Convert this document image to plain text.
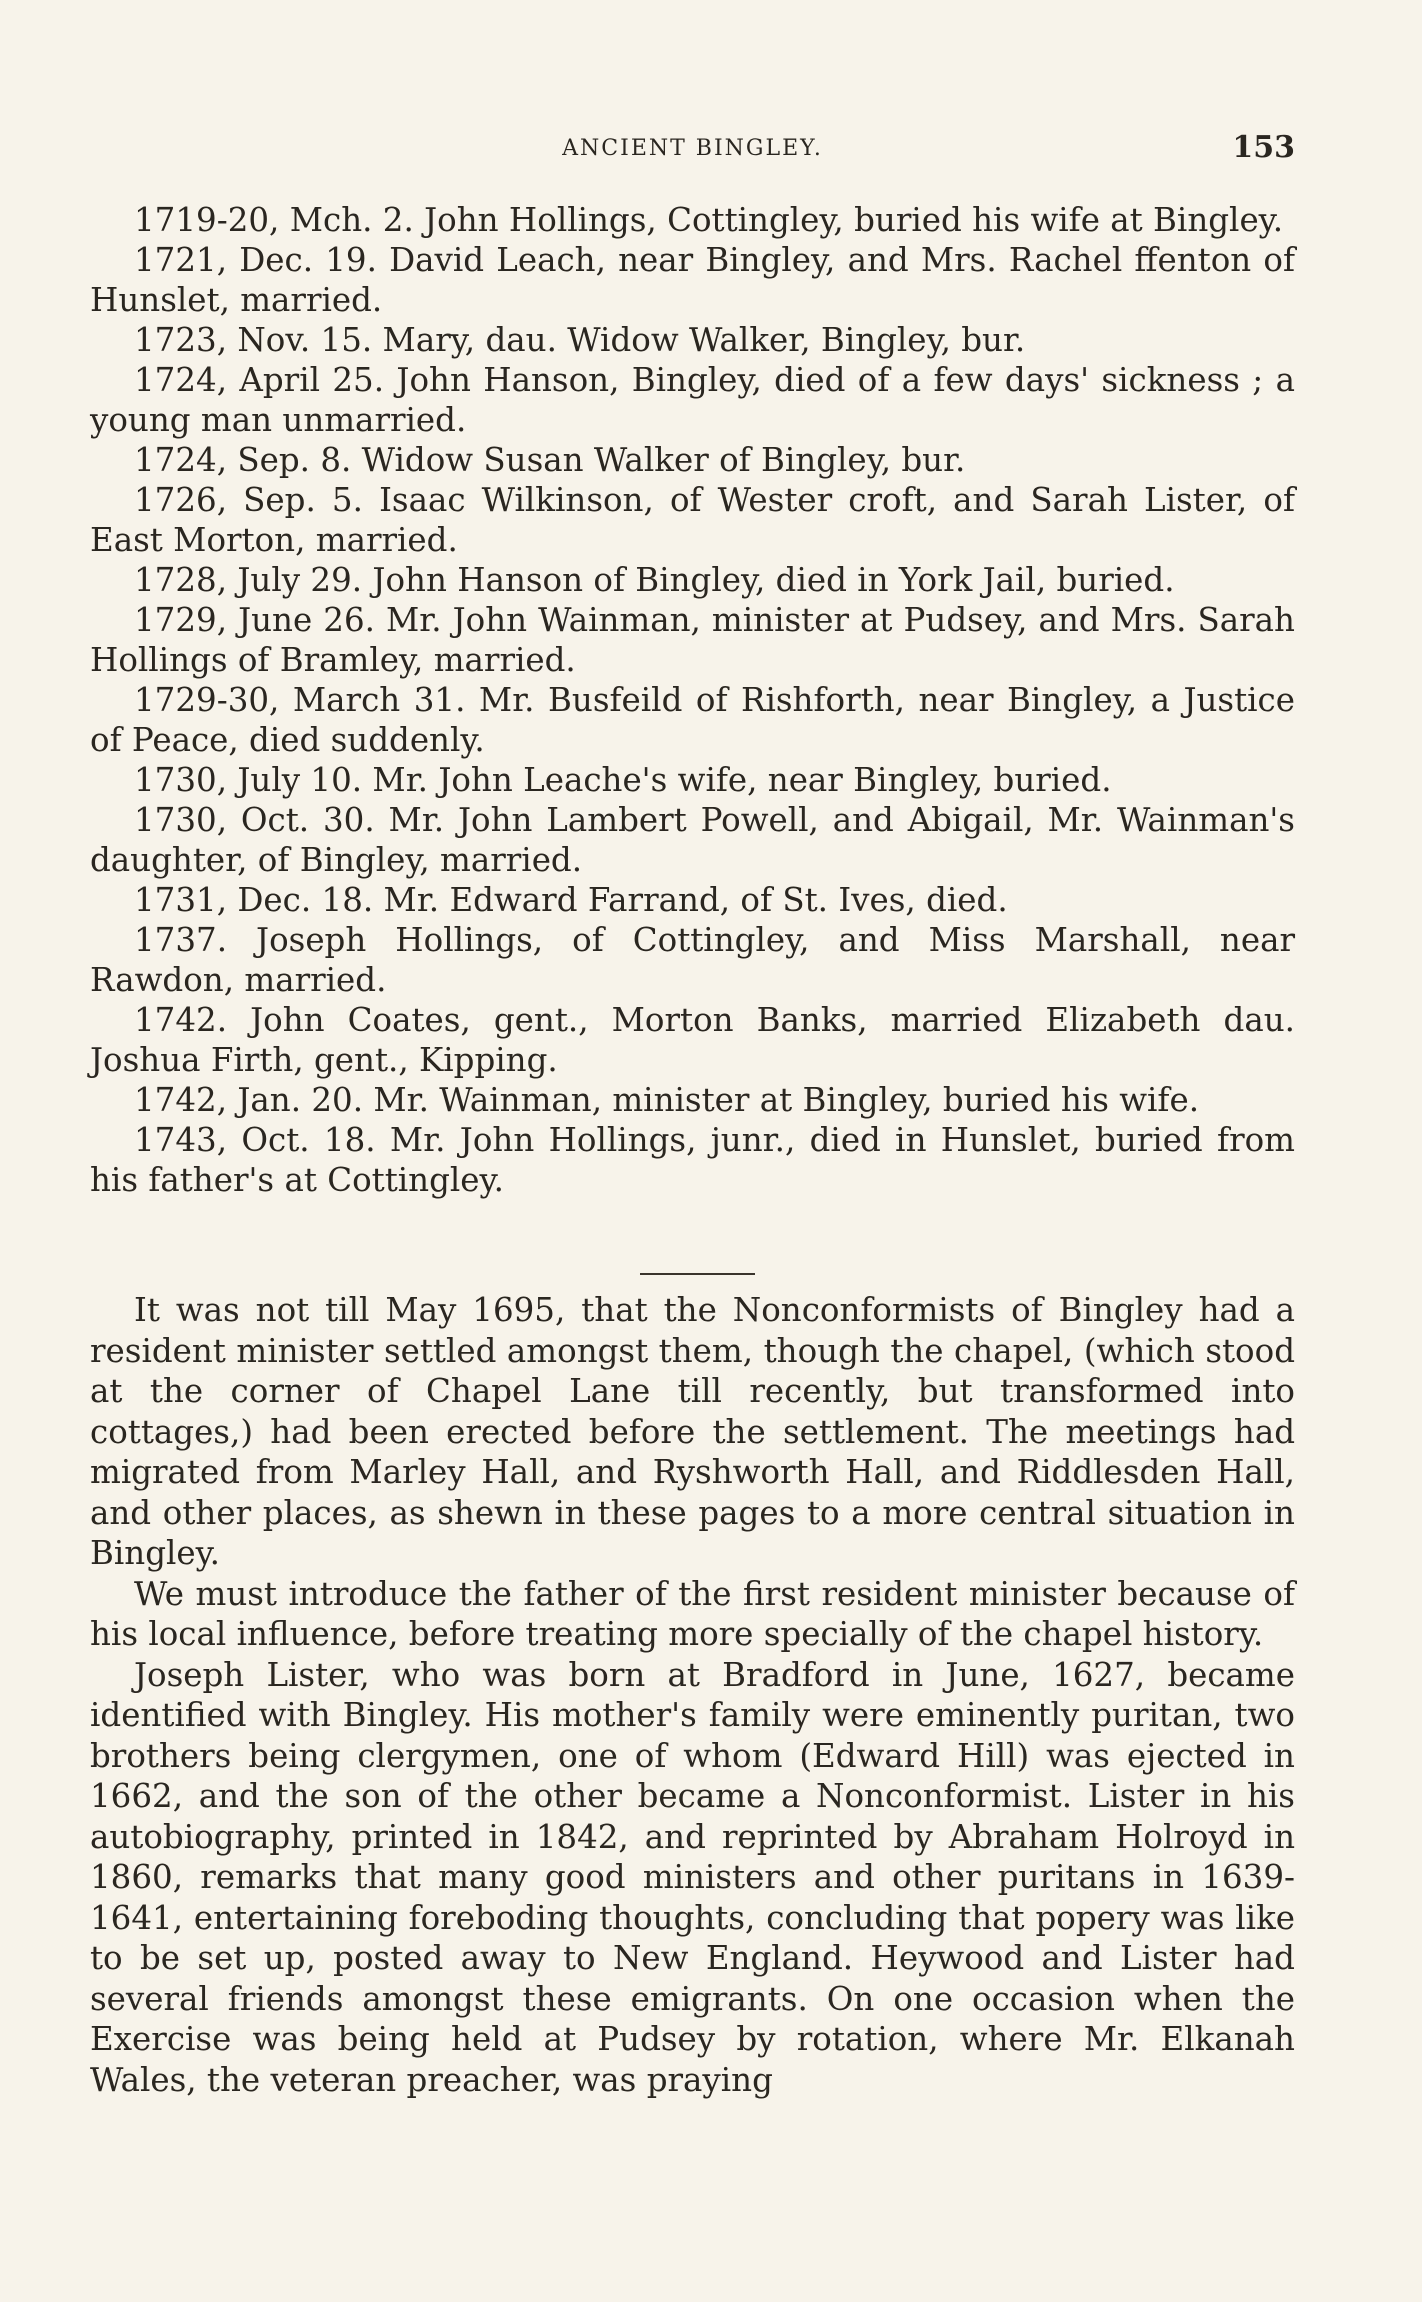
ANCIENT BINGLEY.	153

1719-20, Mch. 2. John Hollings, Cottingley, buried his wife at Bingley.

1721, Dec. 19. David Leach, near Bingley, and Mrs. Rachel ffenton of Hunslet, married.

1723, Nov. 15. Mary, dau. Widow Walker, Bingley, bur.

1724, April 25. John Hanson, Bingley, died of a few days' sickness ; a young man unmarried.

1724, Sep. 8. Widow Susan Walker of Bingley, bur.

1726, Sep. 5. Isaac Wilkinson, of Wester croft, and Sarah Lister, of East Morton, married.

1728, July 29. John Hanson of Bingley, died in York Jail, buried.

1729, June 26. Mr. John Wainman, minister at Pudsey, and Mrs. Sarah Hollings of Bramley, married.

1729-30, March 31. Mr. Busfeild of Rishforth, near Bingley, a Justice of Peace, died suddenly.

1730, July 10. Mr. John Leache's wife, near Bingley, buried.

1730, Oct. 30. Mr. John Lambert Powell, and Abigail, Mr. Wainman's daughter, of Bingley, married.

1731, Dec. 18. Mr. Edward Farrand, of St. Ives, died.

1737. Joseph Hollings, of Cottingley, and Miss Marshall, near Rawdon, married.

1742. John Coates, gent., Morton Banks, married Elizabeth dau. Joshua Firth, gent., Kipping.

1742, Jan. 20. Mr. Wainman, minister at Bingley, buried his wife.

1743, Oct. 18. Mr. John Hollings, junr., died in Hunslet, buried from his father's at Cottingley.

It was not till May 1695, that the Nonconformists of Bingley had a resident minister settled amongst them, though the chapel, (which stood at the corner of Chapel Lane till recently, but transformed into cottages,) had been erected before the settlement. The meetings had migrated from Marley Hall, and Ryshworth Hall, and Riddlesden Hall, and other places, as shewn in these pages to a more central situation in Bingley.

We must introduce the father of the first resident minister because of his local influence, before treating more specially of the chapel history.

Joseph Lister, who was born at Bradford in June, 1627, became identified with Bingley. His mother's family were eminently puritan, two brothers being clergymen, one of whom (Edward Hill) was ejected in 1662, and the son of the other became a Nonconformist. Lister in his autobiography, printed in 1842, and reprinted by Abraham Holroyd in 1860, remarks that many good ministers and other puritans in 1639-1641, entertaining foreboding thoughts, concluding that popery was like to be set up, posted away to New England. Heywood and Lister had several friends amongst these emigrants. On one occasion when the Exercise was being held at Pudsey by rotation, where Mr. Elkanah Wales, the veteran preacher, was praying
